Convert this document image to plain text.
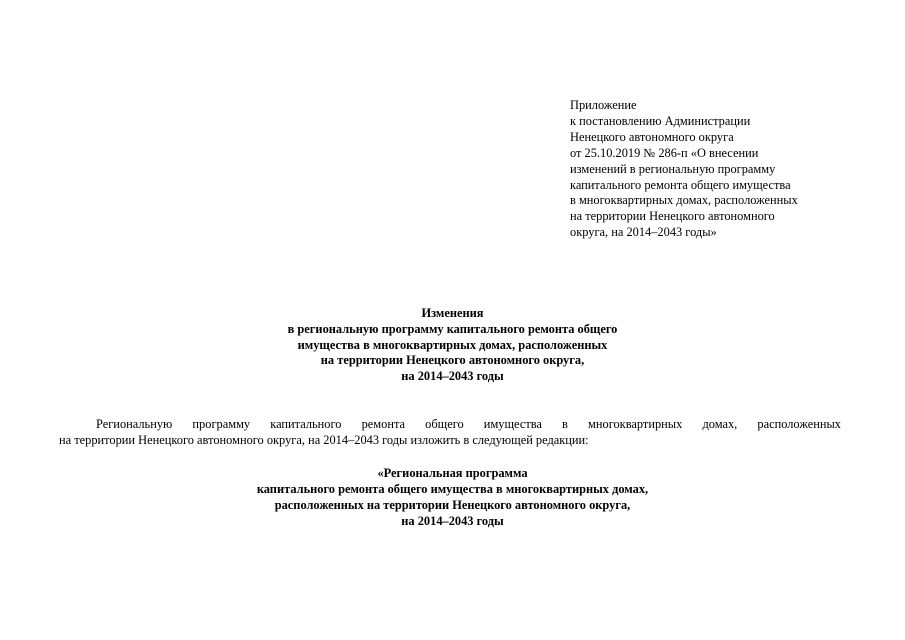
Приложение
к постановлению Администрации
Ненецкого автономного округа
от 25.10.2019 № 286-п «О внесении
изменений в региональную программу
капитального ремонта общего имущества
в многоквартирных домах, расположенных
на территории Ненецкого автономного
округа, на 2014–2043 годы»
Изменения
в региональную программу капитального ремонта общего
имущества в многоквартирных домах, расположенных
на территории Ненецкого автономного округа,
на 2014–2043 годы
Региональную программу капитального ремонта общего имущества в многоквартирных домах, расположенных
на территории Ненецкого автономного округа, на 2014–2043 годы изложить в следующей редакции:
«Региональная программа
капитального ремонта общего имущества в многоквартирных домах,
расположенных на территории Ненецкого автономного округа,
на 2014–2043 годы
